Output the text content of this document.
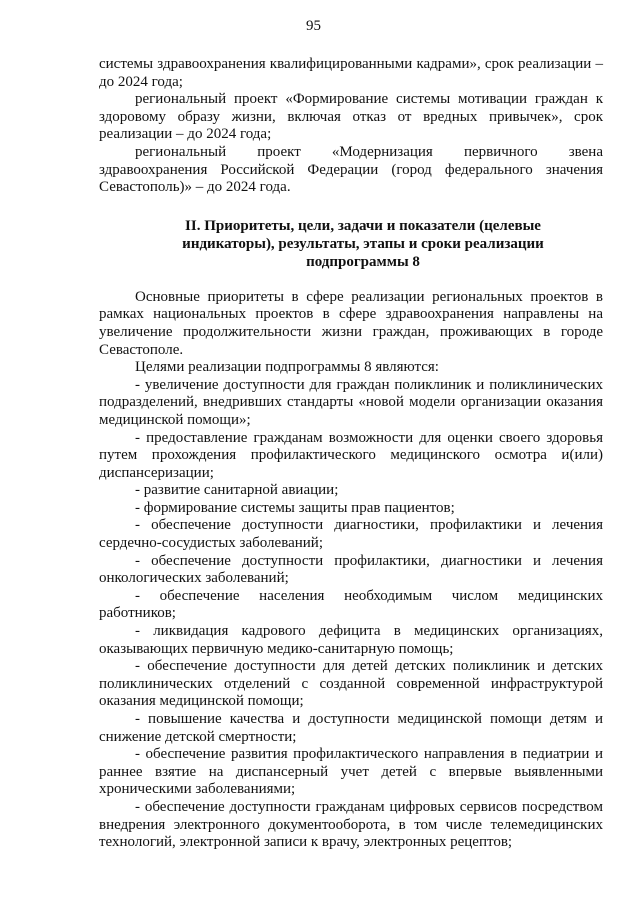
95

системы здравоохранения квалифицированными кадрами», срок реализации – до 2024 года;

региональный проект «Формирование системы мотивации граждан к здоровому образу жизни, включая отказ от вредных привычек», срок реализации – до 2024 года;

региональный проект «Модернизация первичного звена здравоохранения Российской Федерации (город федерального значения Севастополь)» – до 2024 года.

II. Приоритеты, цели, задачи и показатели (целевые
индикаторы), результаты, этапы и сроки реализации
подпрограммы 8

Основные приоритеты в сфере реализации региональных проектов в рамках национальных проектов в сфере здравоохранения направлены на увеличение продолжительности жизни граждан, проживающих в городе Севастополе.

Целями реализации подпрограммы 8 являются:

- увеличение доступности для граждан поликлиник и поликлинических подразделений, внедривших стандарты «новой модели организации оказания медицинской помощи»;

- предоставление гражданам возможности для оценки своего здоровья путем прохождения профилактического медицинского осмотра и(или) диспансеризации;

- развитие санитарной авиации;

- формирование системы защиты прав пациентов;

- обеспечение доступности диагностики, профилактики и лечения сердечно-сосудистых заболеваний;

- обеспечение доступности профилактики, диагностики и лечения онкологических заболеваний;

- обеспечение населения необходимым числом медицинских работников;

- ликвидация кадрового дефицита в медицинских организациях, оказывающих первичную медико-санитарную помощь;

- обеспечение доступности для детей детских поликлиник и детских поликлинических отделений с созданной современной инфраструктурой оказания медицинской помощи;

- повышение качества и доступности медицинской помощи детям и снижение детской смертности;

- обеспечение развития профилактического направления в педиатрии и раннее взятие на диспансерный учет детей с впервые выявленными хроническими заболеваниями;

- обеспечение доступности гражданам цифровых сервисов посредством внедрения электронного документооборота, в том числе телемедицинских технологий, электронной записи к врачу, электронных рецептов;
